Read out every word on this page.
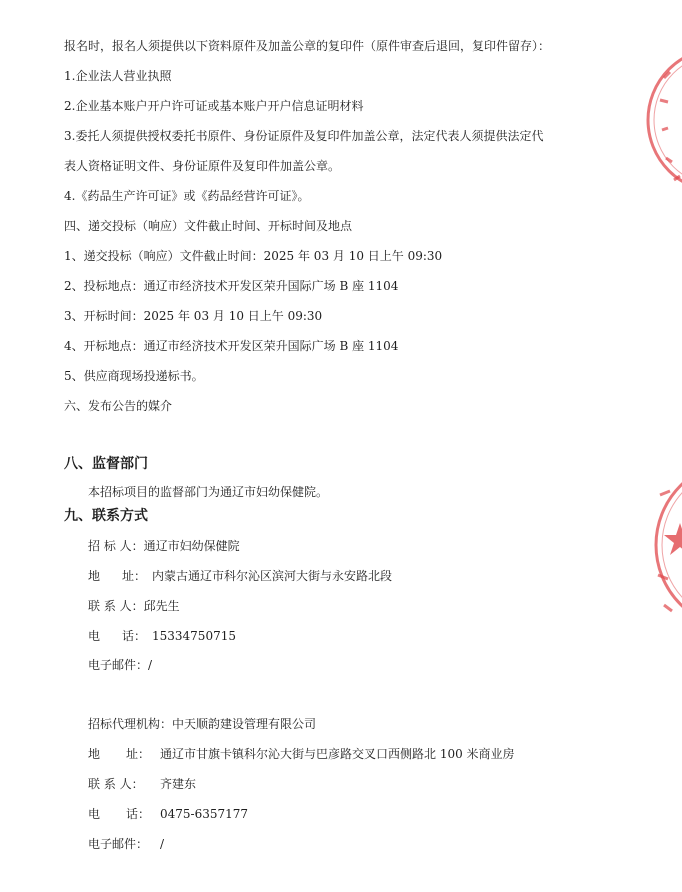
报名时，报名人须提供以下资料原件及加盖公章的复印件（原件审查后退回，复印件留存）：
1.企业法人营业执照
2.企业基本账户开户许可证或基本账户开户信息证明材料
3.委托人须提供授权委托书原件、身份证原件及复印件加盖公章，法定代表人须提供法定代
表人资格证明文件、身份证原件及复印件加盖公章。
4.《药品生产许可证》或《药品经营许可证》。
四、递交投标（响应）文件截止时间、开标时间及地点
1、递交投标（响应）文件截止时间：2025 年 03 月 10 日上午 09:30
2、投标地点：通辽市经济技术开发区荣升国际广场 B 座 1104
3、开标时间：2025 年 03 月 10 日上午 09:30
4、开标地点：通辽市经济技术开发区荣升国际广场 B 座 1104
5、供应商现场投递标书。
六、发布公告的媒介
八、监督部门
本招标项目的监督部门为通辽市妇幼保健院。
九、联系方式
招 标 人：通辽市妇幼保健院
地 址： 内蒙古通辽市科尔沁区滨河大街与永安路北段
联 系 人：邱先生
电 话： 15334750715
电子邮件：/
招标代理机构：中天顺韵建设管理有限公司
地 址： 通辽市甘旗卡镇科尔沁大街与巴彦路交叉口西侧路北 100 米商业房
联 系 人： 齐建东
电 话： 0475-6357177
电子邮件： /
